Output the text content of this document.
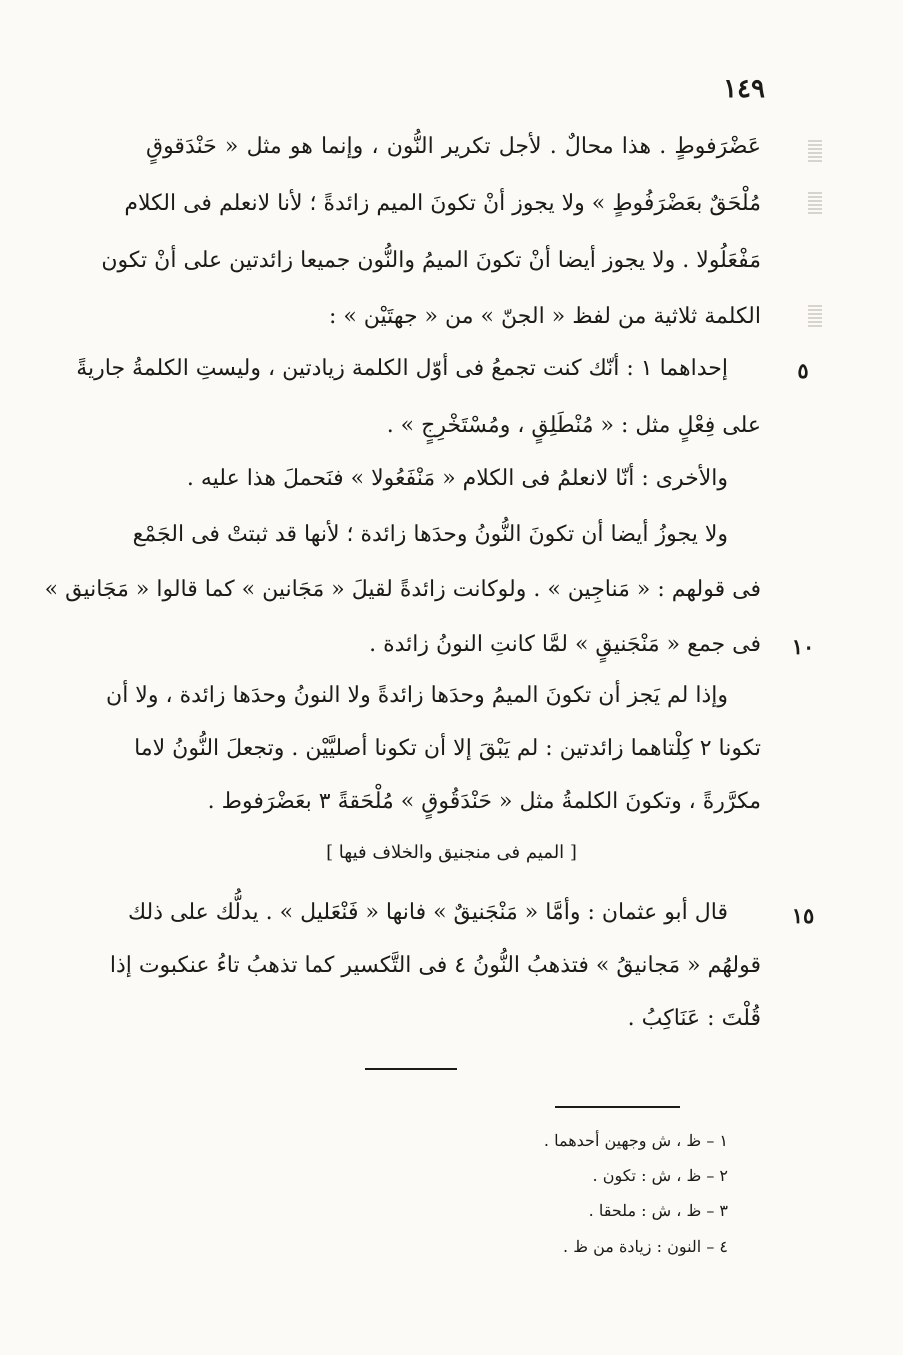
١٤٩
عَضْرَفوطٍ . هذا محالٌ . لأجل تكرير النُّون ، وإنما هو مثل « حَنْدَقوقٍ
مُلْحَقٌ بعَضْرَفُوطٍ » ولا يجوز أنْ تكونَ الميم زائدةً ؛ لأنا لانعلم فى الكلام
مَفْعَلُولا . ولا يجوز أيضا أنْ تكونَ الميمُ والنُّون جميعا زائدتين على أنْ تكون
الكلمة ثلاثية من لفظ « الجنّ » من « جهتَيْن » :
٥
إحداهما ١ : أنّك كنت تجمعُ فى أوّل الكلمة زيادتين ، وليستِ الكلمةُ جاريةً
على فِعْلٍ مثل : « مُنْطَلِقٍ ، ومُسْتَخْرِجٍ » .
والأخرى : أنّا لانعلمُ فى الكلام « مَنْفَعُولا » فنَحملَ هذا عليه .
ولا يجوزُ أيضا أن تكونَ النُّونُ وحدَها زائدة ؛ لأنها قد ثبتتْ فى الجَمْع
فى قولهم : « مَناجِين » . ولوكانت زائدةً لقيلَ « مَجَانين » كما قالوا « مَجَانيق »
١٠
فى جمع « مَنْجَنيقٍ » لمَّا كانتِ النونُ زائدة .
وإذا لم يَجز أن تكونَ الميمُ وحدَها زائدةً ولا النونُ وحدَها زائدة ، ولا أن
تكونا ٢ كِلْتاهما زائدتين : لم يَبْقَ إلا أن تكونا أصليَّيْن . وتجعلَ النُّونُ لاما
مكرَّرةً ، وتكونَ الكلمةُ مثل « حَنْدَقُوقٍ » مُلْحَقةً ٣ بعَضْرَفوط .
[ الميم فى منجنيق والخلاف فيها ]
١٥
قال أبو عثمان : وأمَّا « مَنْجَنيقٌ » فانها « فَنْعَليل » . يدلُّك على ذلك
قولهُم « مَجانيقُ » فتذهبُ النُّونُ ٤ فى التَّكسير كما تذهبُ تاءُ عنكبوت إذا
قُلْتَ : عَنَاكِبُ .
١ – ظ ، ش وجهين أحدهما .
٢ – ظ ، ش : تكون .
٣ – ظ ، ش : ملحقا .
٤ – النون : زيادة من ظ .
